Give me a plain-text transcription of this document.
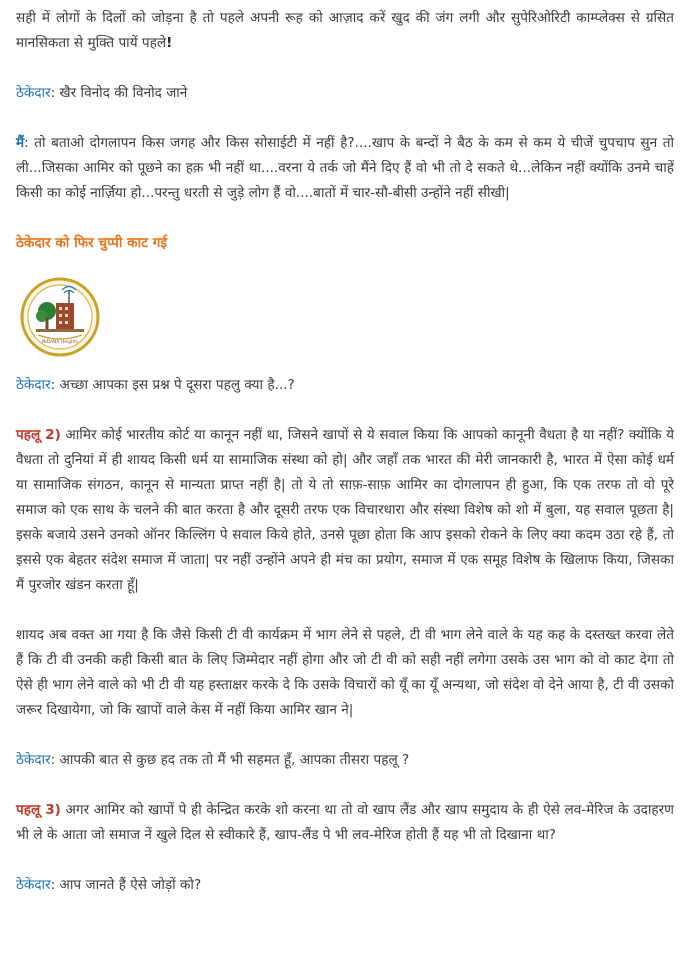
सही में लोगों के दिलों को जोड़ना है तो पहले अपनी रूह को आज़ाद करें खुद की जंग लगी और सुपेरिओरिटी काम्प्लेक्स से ग्रसित मानसिकता से मुक्ति पायें पहले!

ठेकेदार: खैर विनोद की विनोद जाने

मैं: तो बताओ दोगलापन किस जगह और किस सोसाईटी में नहीं है?....खाप के बन्दों ने बैठ के कम से कम ये चीजें चुपचाप सुन तो ली...जिसका आमिर को पूछने का हक़ भी नहीं था....वरना ये तर्क जो मैंने दिए हैं वो भी तो दे सकते थे...लेकिन नहीं क्योंकि उनमे चाहें किसी का कोई नार्ज़िया हो...परन्तु धरती से जुड़े लोग हैं वो....बातों में चार-सौ-बीसी उन्होंने नहीं सीखी|

ठेकेदार को फिर चुप्पी काट गई

NIDANA Heights

ठेकेदार: अच्छा आपका इस प्रश्न पे दूसरा पहलु क्या है...?

पहलू 2) आमिर कोई भारतीय कोर्ट या कानून नहीं था, जिसने खापों से ये सवाल किया कि आपको कानूनी वैधता है या नहीं? क्योंकि ये वैधता तो दुनियां में ही शायद किसी धर्म या सामाजिक संस्था को हो| और जहाँ तक भारत की मेरी जानकारी है, भारत में ऐसा कोई धर्म या सामाजिक संगठन, कानून से मान्यता प्राप्त नहीं है| तो ये तो साफ़-साफ़ आमिर का दोगलापन ही हुआ, कि एक तरफ तो वो पूरे समाज को एक साथ के चलने की बात करता है और दूसरी तरफ एक विचारधारा और संस्था विशेष को शो में बुला, यह सवाल पूछता है| इसके बजाये उसने उनको ऑनर किल्लिंग पे सवाल किये होते, उनसे पूछा होता कि आप इसको रोकने के लिए क्या कदम उठा रहे हैं, तो इससे एक बेहतर संदेश समाज में जाता| पर नहीं उन्होंने अपने ही मंच का प्रयोग, समाज में एक समूह विशेष के खिलाफ किया, जिसका मैं पुरजोर खंडन करता हूँ|

शायद अब वक्त आ गया है कि जैसे किसी टी वी कार्यक्रम में भाग लेने से पहले, टी वी भाग लेने वाले के यह कह के दस्तख्त करवा लेते हैं कि टी वी उनकी कही किसी बात के लिए जिम्मेदार नहीं होगा और जो टी वी को सही नहीं लगेगा उसके उस भाग को वो काट देगा तो ऐसे ही भाग लेने वाले को भी टी वी यह हस्ताक्षर करके दे कि उसके विचारों को यूँ का यूँ अन्यथा, जो संदेश वो देने आया है, टी वी उसको जरूर दिखायेगा, जो कि खापों वाले केस में नहीं किया आमिर खान ने|

ठेकेदार: आपकी बात से कुछ हद तक तो मैं भी सहमत हूँ, आपका तीसरा पहलू ?

पहलू 3) अगर आमिर को खापों पे ही केन्द्रित करके शो करना था तो वो खाप लैंड और खाप समुदाय के ही ऐसे लव-मेरिज के उदाहरण भी ले के आता जो समाज नें खुले दिल से स्वीकारे हैं, खाप-लैंड पे भी लव-मेरिज होती हैं यह भी तो दिखाना था?

ठेकेदार: आप जानते हैं ऐसे जोड़ों को?
